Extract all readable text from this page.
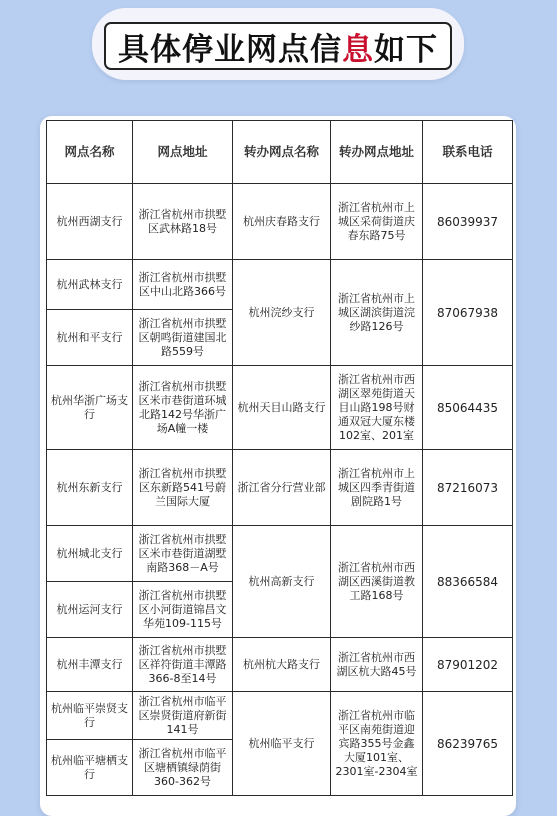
具体停业网点信息如下
网点名称	网点地址	转办网点名称	转办网点地址	联系电话
杭州西湖支行	浙江省杭州市拱墅区武林路18号	杭州庆春路支行	浙江省杭州市上城区采荷街道庆春东路75号	86039937
杭州武林支行	浙江省杭州市拱墅区中山北路366号	杭州浣纱支行	浙江省杭州市上城区湖滨街道浣纱路126号	87067938
杭州和平支行	浙江省杭州市拱墅区朝鸣街道建国北路559号			
杭州华浙广场支行	浙江省杭州市拱墅区米市巷街道环城北路142号华浙广场A幢一楼	杭州天目山路支行	浙江省杭州市西湖区翠苑街道天目山路198号财通双冠大厦东楼102室、201室	85064435
杭州东新支行	浙江省杭州市拱墅区东新路541号蔚兰国际大厦	浙江省分行营业部	浙江省杭州市上城区四季青街道剧院路1号	87216073
杭州城北支行	浙江省杭州市拱墅区米市巷街道湖墅南路368－A号	杭州高新支行	浙江省杭州市西湖区西溪街道教工路168号	88366584
杭州运河支行	浙江省杭州市拱墅区小河街道锦昌文华苑109-115号			
杭州丰潭支行	浙江省杭州市拱墅区祥符街道丰潭路366-8至14号	杭州杭大路支行	浙江省杭州市西湖区杭大路45号	87901202
杭州临平崇贤支行	浙江省杭州市临平区崇贤街道府新街141号	杭州临平支行	浙江省杭州市临平区南苑街道迎宾路355号金鑫大厦101室、2301室-2304室	86239765
杭州临平塘栖支行	浙江省杭州市临平区塘栖镇绿荫街360-362号			
